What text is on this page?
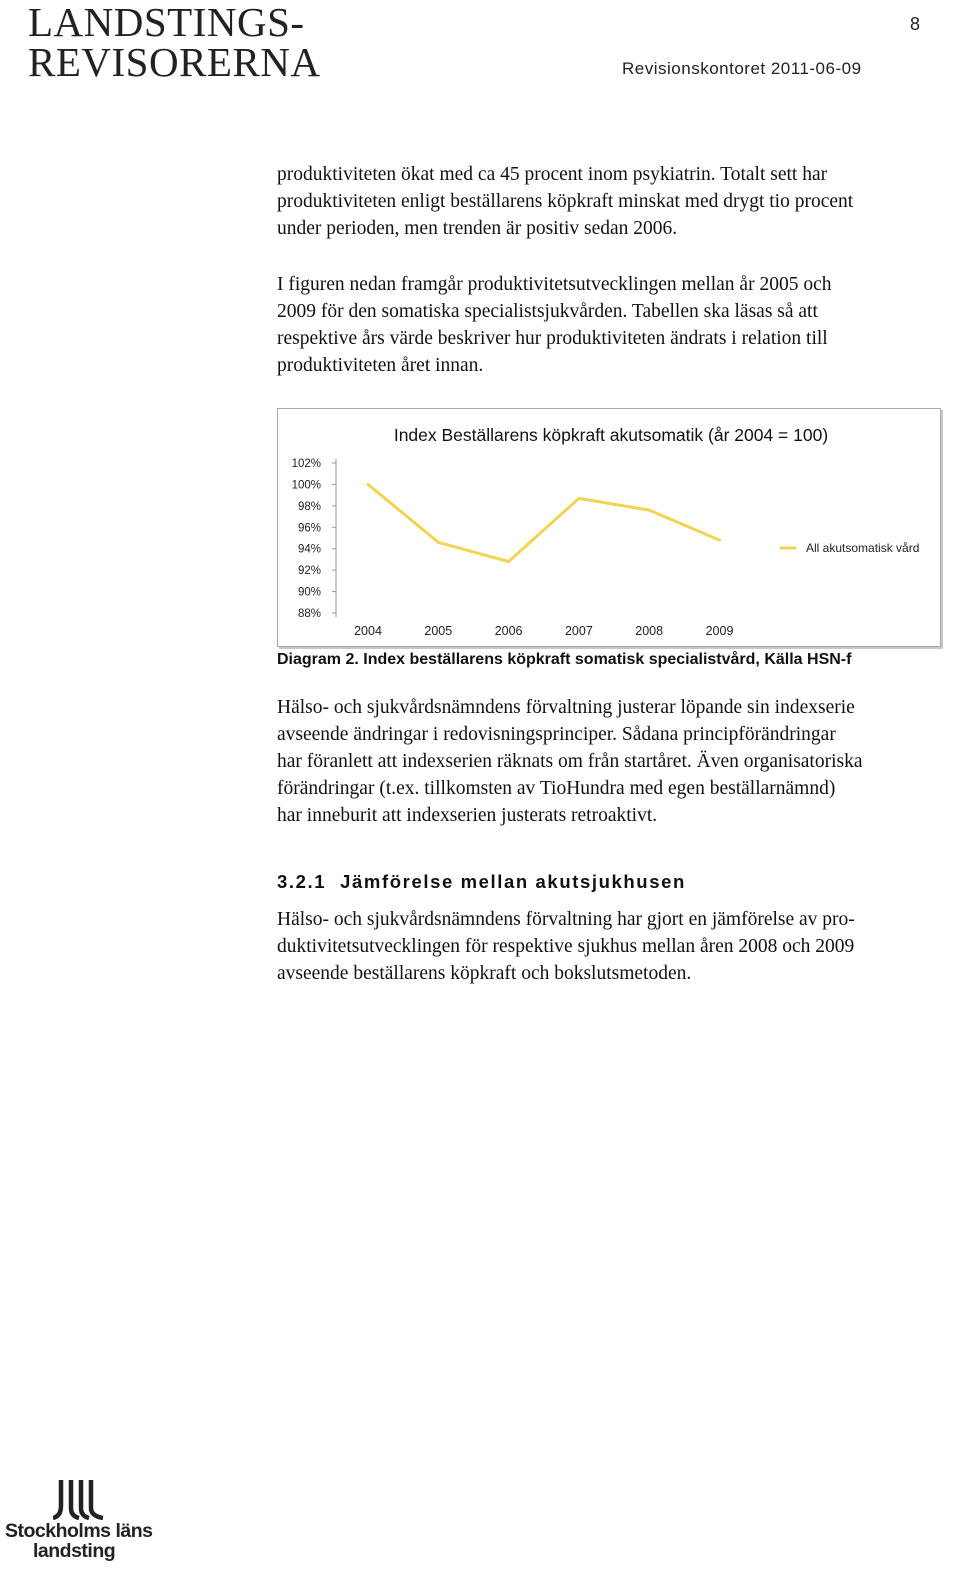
LANDSTINGS-
REVISORERNA
8
Revisionskontoret 2011-06-09

produktiviteten ökat med ca 45 procent inom psykiatrin. Totalt sett har
produktiviteten enligt beställarens köpkraft minskat med drygt tio procent
under perioden, men trenden är positiv sedan 2006.

I figuren nedan framgår produktivitetsutvecklingen mellan år 2005 och
2009 för den somatiska specialistsjukvården. Tabellen ska läsas så att
respektive års värde beskriver hur produktiviteten ändrats i relation till
produktiviteten året innan.

Index Beställarens köpkraft akutsomatik (år 2004 = 100)
88%
90%
92%
94%
96%
98%
100%
102%
2004	2005	2006	2007	2008	2009
All akutsomatisk vård
Diagram 2. Index beställarens köpkraft somatisk specialistvård, Källa HSN-f

Hälso- och sjukvårdsnämndens förvaltning justerar löpande sin indexserie
avseende ändringar i redovisningsprinciper. Sådana principförändringar
har föranlett att indexserien räknats om från startåret. Även organisatoriska
förändringar (t.ex. tillkomsten av TioHundra med egen beställarnämnd)
har inneburit att indexserien justerats retroaktivt.

3.2.1 Jämförelse mellan akutsjukhusen

Hälso- och sjukvårdsnämndens förvaltning har gjort en jämförelse av pro-
duktivitetsutvecklingen för respektive sjukhus mellan åren 2008 och 2009
avseende beställarens köpkraft och bokslutsmetoden.

Stockholms läns
landsting
